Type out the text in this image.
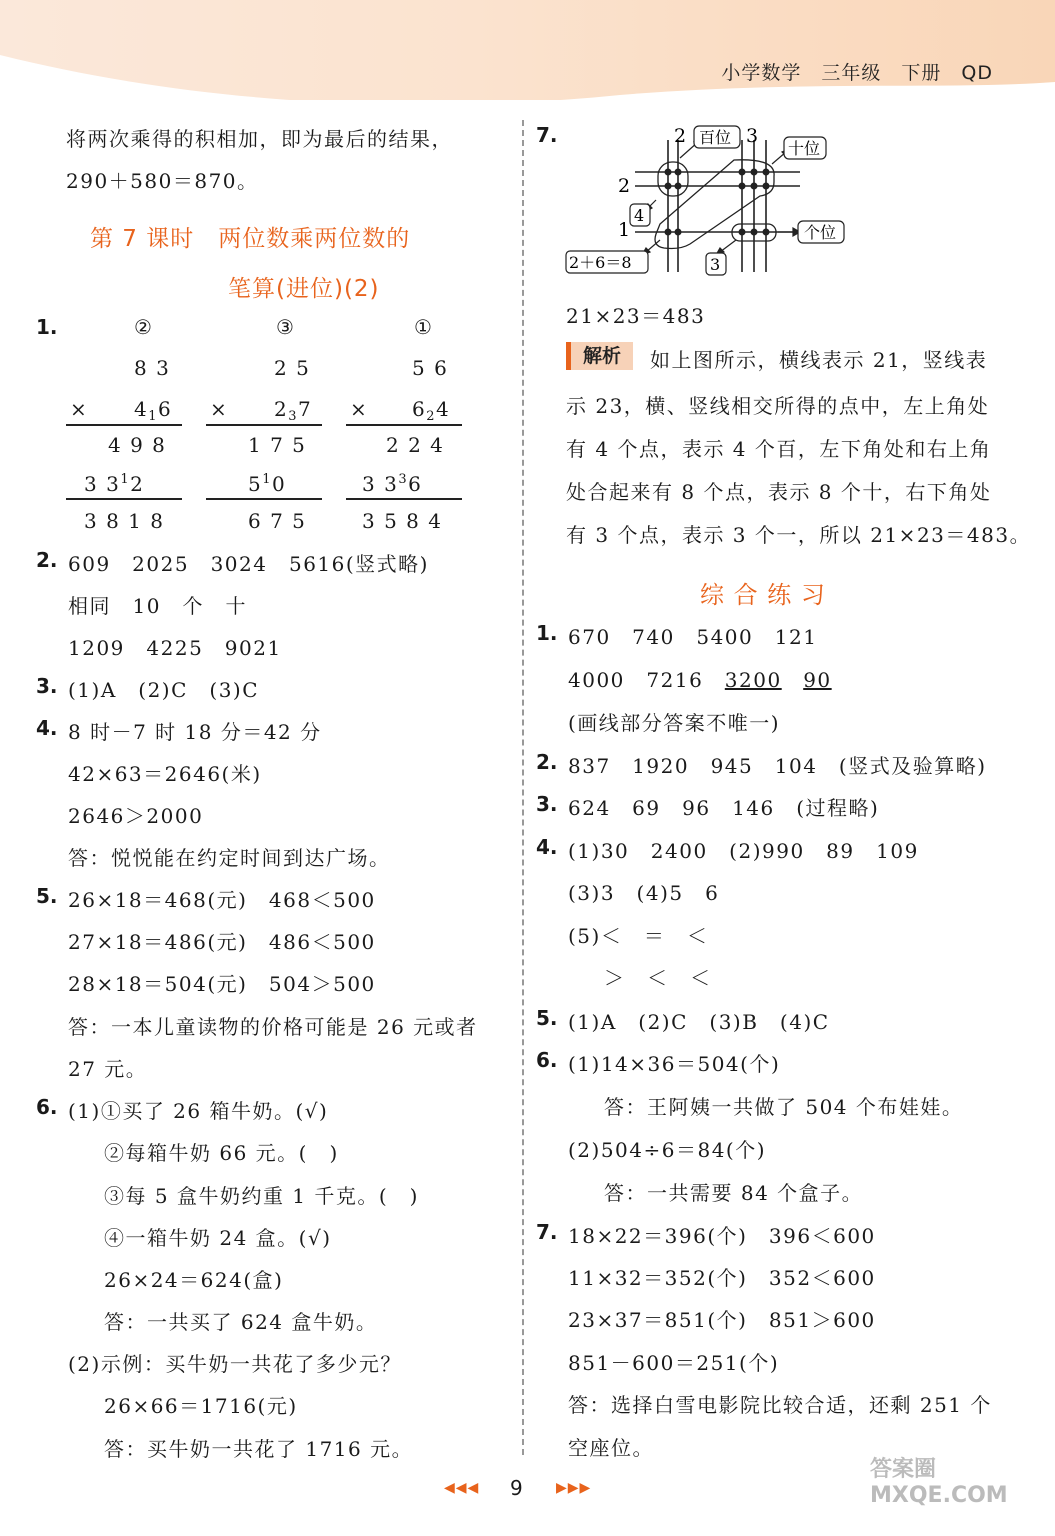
小学数学　三年级　下册　QD
将两次乘得的积相加，即为最后的结果，
290＋580＝870。
第 7 课时　两位数乘两位数的
笔算(进位)(2)
1.	②
8 3
× $4_16$
4 9 8
3 $3^12$
3 8 1 8
③
2 5
× $2_37$
1 7 5
$5^10$
6 7 5
①
5 6
× $6_24$
2 2 4
3 $3^36$
3 5 8 4
2. 609　2025　3024　5616(竖式略)
相同　10　个　十
1209　4225　9021
3. (1)A　(2)C　(3)C
4. 8 时－7 时 18 分＝42 分
42×63＝2646(米)
2646＞2000
答：悦悦能在约定时间到达广场。
5. 26×18＝468(元)　468＜500
27×18＝486(元)　486＜500
28×18＝504(元)　504＞500
答：一本儿童读物的价格可能是 26 元或者
27 元。
6. (1)①买了 26 箱牛奶。(√)
②每箱牛奶 66 元。(　)
③每 5 盒牛奶约重 1 千克。(　)
④一箱牛奶 24 盒。(√)
26×24＝624(盒)
答：一共买了 624 盒牛奶。
(2)示例：买牛奶一共花了多少元？
26×66＝1716(元)
答：买牛奶一共花了 1716 元。
7.	2	3
2
1
百位
十位
个位
4
2＋6＝8	3
21×23＝483
解析	如上图所示，横线表示 21，竖线表
示 23，横、竖线相交所得的点中，左上角处
有 4 个点，表示 4 个百，左下角处和右上角
处合起来有 8 个点，表示 8 个十，右下角处
有 3 个点，表示 3 个一，所以 21×23＝483。
综 合 练 习
1. 670　740　5400　121
4000　7216　3200　 90
(画线部分答案不唯一)
2. 837　1920　945　104　(竖式及验算略)
3. 624　69　96　146　(过程略)
4. (1)30　2400　(2)990　89　109
(3)3　(4)5　6
(5)＜　＝　＜
＞　＜　＜
5. (1)A　(2)C　(3)B　(4)C
6. (1)14×36＝504(个)
答：王阿姨一共做了 504 个布娃娃。
(2)504÷6＝84(个)
答：一共需要 84 个盒子。
7. 18×22＝396(个)　396＜600
11×32＝352(个)　352＜600
23×37＝851(个)　851＞600
851－600＝251(个)
答：选择白雪电影院比较合适，还剩 251 个
空座位。
◀◀◀ 9 ▶▶▶
答案圈 MXQE.COM
